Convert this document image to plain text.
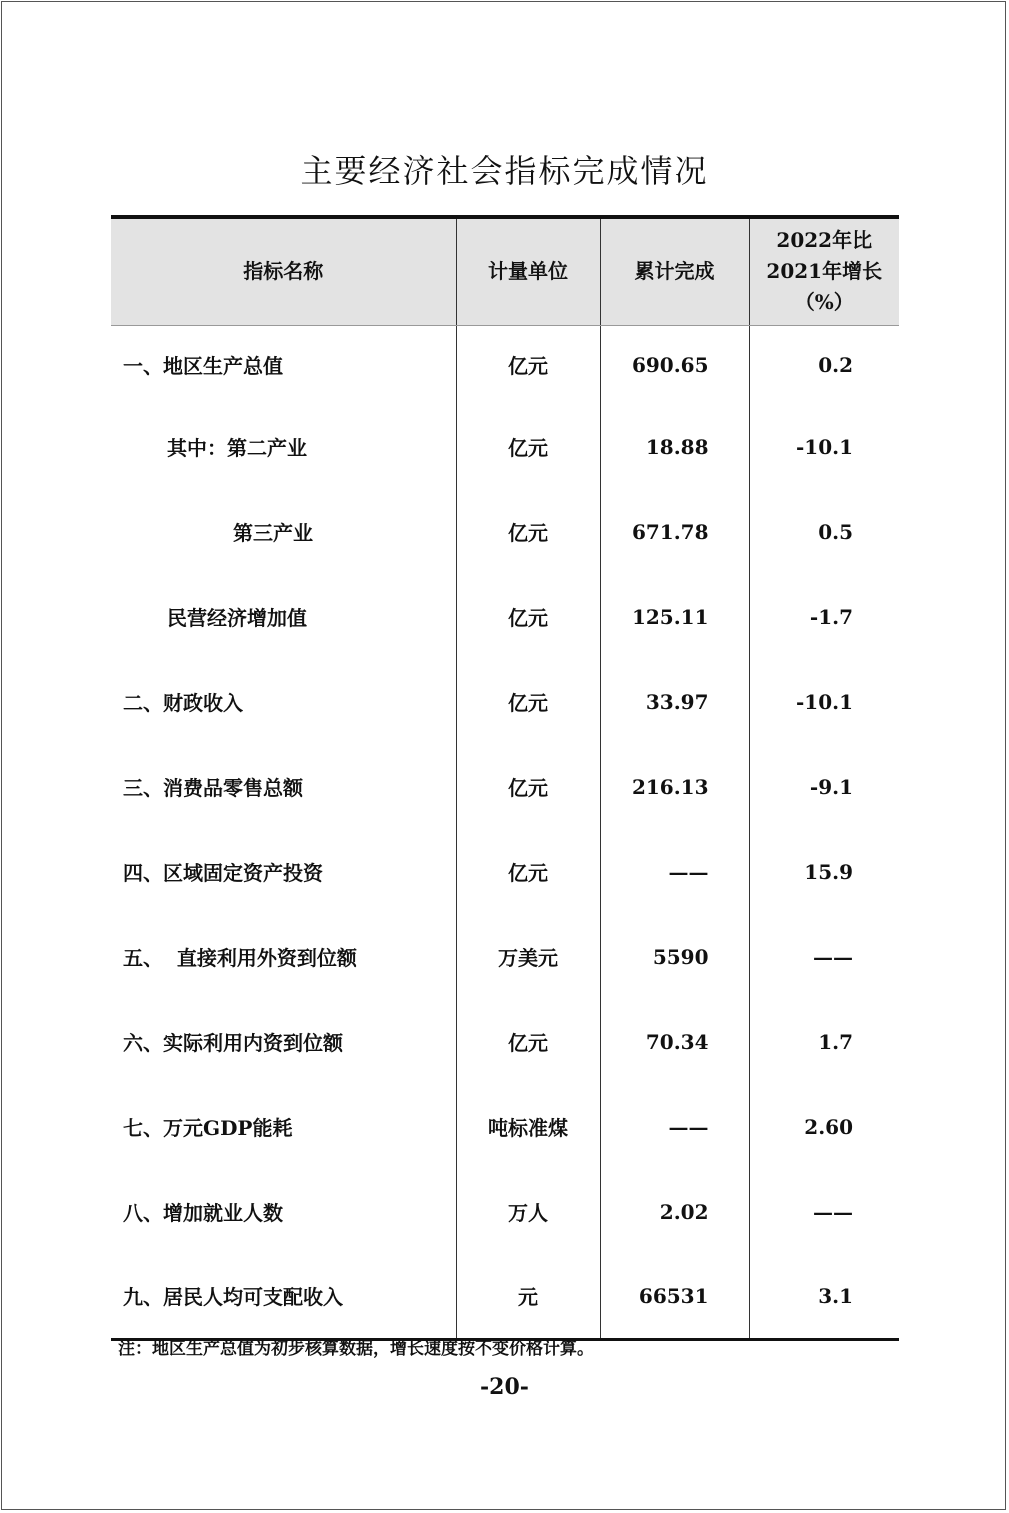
主要经济社会指标完成情况
指标名称	计量单位	累计完成	2022年比
2021年增长
（%）

一、地区生产总值	亿元	690.65	0.2
其中：第二产业	亿元	18.88	-10.1
第三产业	亿元	671.78	0.5
民营经济增加值	亿元	125.11	-1.7
二、财政收入	亿元	33.97	-10.1
三、消费品零售总额	亿元	216.13	-9.1
四、区域固定资产投资	亿元	——	15.9
五、  直接利用外资到位额	万美元	5590	——
六、实际利用内资到位额	亿元	70.34	1.7
七、万元GDP能耗	吨标准煤	——	2.60
八、增加就业人数	万人	2.02	——
九、居民人均可支配收入	元	66531	3.1
注：地区生产总值为初步核算数据，增长速度按不变价格计算。
-20-
